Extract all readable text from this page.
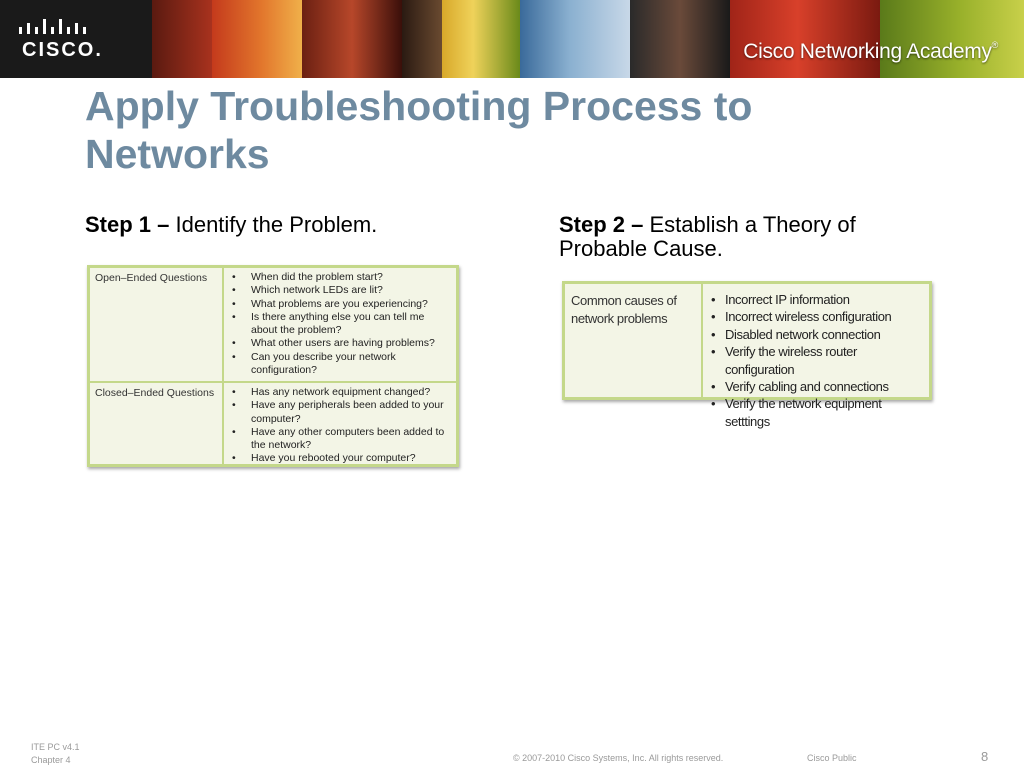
CISCO.	Cisco Networking Academy®
Apply Troubleshooting Process to Networks
Step 1 – Identify the Problem.	Step 2 – Establish a Theory of Probable Cause.
Open–Ended Questions	• When did the problem start?
• Which network LEDs are lit?
• What problems are you experiencing?
• Is there anything else you can tell me about the problem?
• What other users are having problems?
• Can you describe your network configuration?
Closed–Ended Questions	• Has any network equipment changed?
• Have any peripherals been added to your computer?
• Have any other computers been added to the network?
• Have you rebooted your computer?
Common causes of network problems
• Incorrect IP information
• Incorrect wireless configuration
• Disabled network connection
• Verify the wireless router configuration
• Verify cabling and connections
• Verify the network equipment setttings
ITE PC v4.1
Chapter 4	© 2007-2010 Cisco Systems, Inc. All rights reserved.	Cisco Public	8
